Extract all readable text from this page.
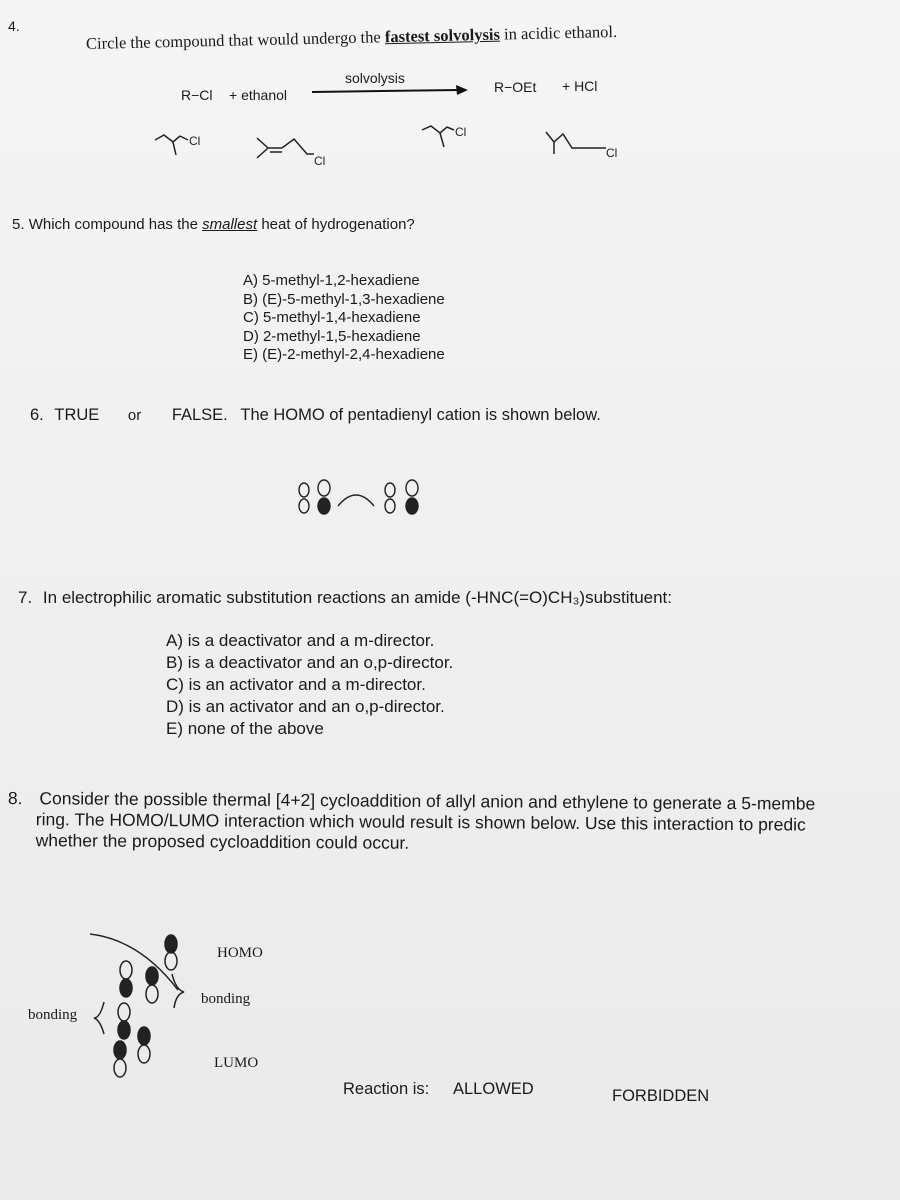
4.
Circle the compound that would undergo the fastest solvolysis in acidic ethanol.
R−Cl + ethanol
solvolysis
R−OEt + HCl
Cl
Cl
Cl
Cl
5. Which compound has the smallest heat of hydrogenation?
A) 5-methyl-1,2-hexadiene
B) (E)-5-methyl-1,3-hexadiene
C) 5-methyl-1,4-hexadiene
D) 2-methyl-1,5-hexadiene
E) (E)-2-methyl-2,4-hexadiene
6. TRUE or FALSE. The HOMO of pentadienyl cation is shown below.
7. In electrophilic aromatic substitution reactions an amide (-HNC(=O)CH₃)substituent:
A) is a deactivator and a m-director.
B) is a deactivator and an o,p-director.
C) is an activator and a m-director.
D) is an activator and an o,p-director.
E) none of the above
8. Consider the possible thermal [4+2] cycloaddition of allyl anion and ethylene to generate a 5-membe
ring. The HOMO/LUMO interaction which would result is shown below. Use this interaction to predic
whether the proposed cycloaddition could occur.
HOMO
bonding
bonding
LUMO
Reaction is: ALLOWED	FORBIDDEN
